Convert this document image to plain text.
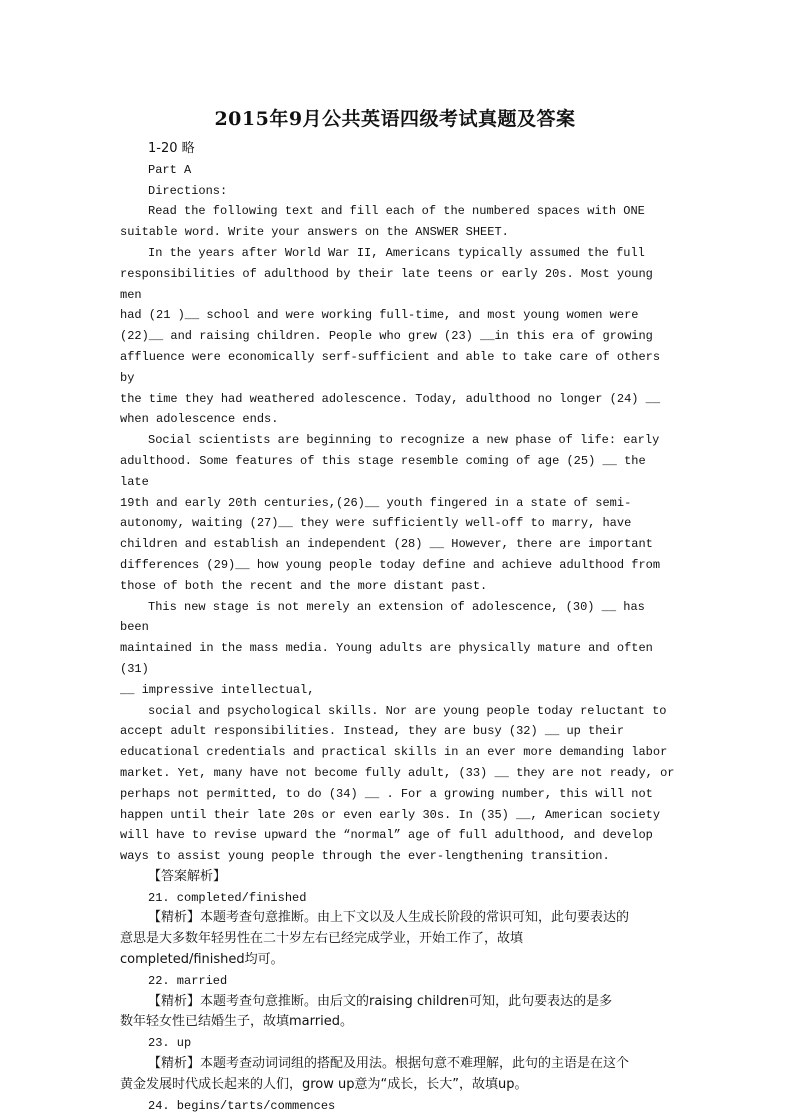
2015年9月公共英语四级考试真题及答案

1-20 略

Part A

Directions:

Read the following text and fill each of the numbered spaces with ONE

suitable word. Write your answers on the ANSWER SHEET.

In the years after World War II, Americans typically assumed the full

responsibilities of adulthood by their late teens or early 20s. Most young men

had (21 )__ school and were working full-time, and most young women were

(22)__ and raising children. People who grew (23) __in this era of growing

affluence were economically serf-sufficient and able to take care of others by

the time they had weathered adolescence. Today, adulthood no longer (24) __

when adolescence ends.

Social scientists are beginning to recognize a new phase of life: early

adulthood. Some features of this stage resemble coming of age (25) __ the late

19th and early 20th centuries,(26)__ youth fingered in a state of semi-

autonomy, waiting (27)__ they were sufficiently well-off to marry, have

children and establish an independent (28) __ However, there are important

differences (29)__ how young people today define and achieve adulthood from

those of both the recent and the more distant past.

This new stage is not merely an extension of adolescence, (30) __ has been

maintained in the mass media. Young adults are physically mature and often (31)

__ impressive intellectual,

social and psychological skills. Nor are young people today reluctant to

accept adult responsibilities. Instead, they are busy (32) __ up their

educational credentials and practical skills in an ever more demanding labor

market. Yet, many have not become fully adult, (33) __ they are not ready, or

perhaps not permitted, to do (34) __ . For a growing number, this will not

happen until their late 20s or even early 30s. In (35) __, American society

will have to revise upward the “normal” age of full adulthood, and develop

ways to assist young people through the ever-lengthening transition.

【答案解析】

21. completed/finished

【精析】本题考查句意推断。由上下文以及人生成长阶段的常识可知，此句要表达的

意思是大多数年轻男性在二十岁左右已经完成学业，开始工作了，故填

completed/finished均可。

22. married

【精析】本题考查句意推断。由后文的raising children可知，此句要表达的是多

数年轻女性已结婚生子，故填married。

23. up

【精析】本题考查动词词组的搭配及用法。根据句意不难理解，此句的主语是在这个

黄金发展时代成长起来的人们，grow up意为“成长，长大”，故填up。

24. begins/tarts/commences
